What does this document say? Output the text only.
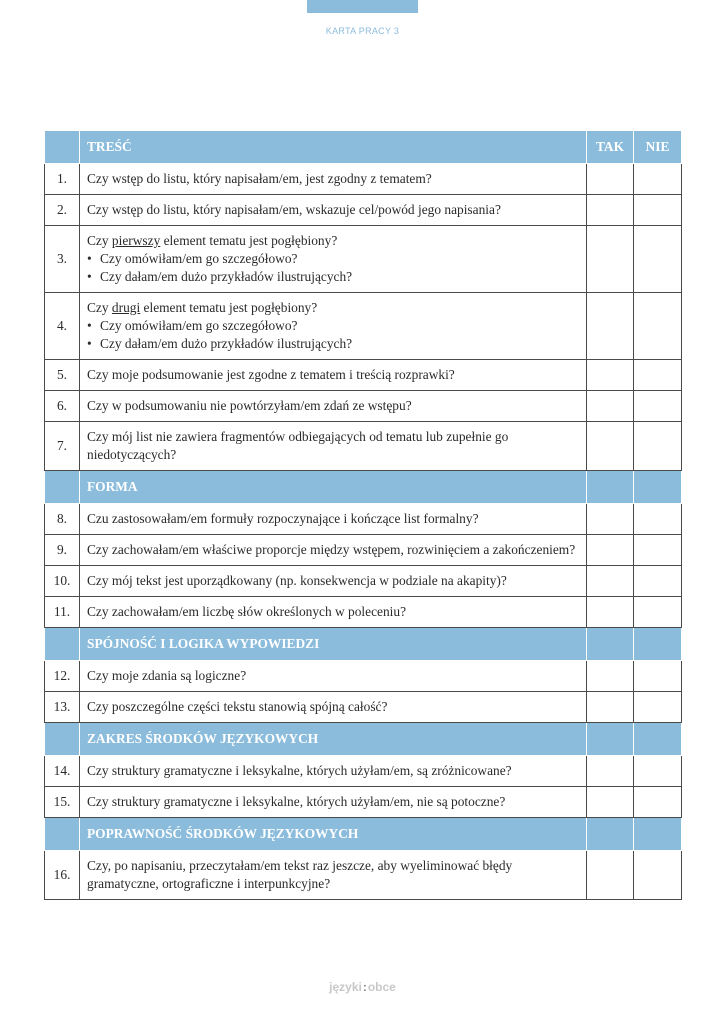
KARTA PRACY 3
	TREŚĆ	TAK	NIE
1.	Czy wstęp do listu, który napisałam/em, jest zgodny z tematem?		
2.	Czy wstęp do listu, który napisałam/em, wskazuje cel/powód jego napisania?		
3.	Czy pierwszy element tematu jest pogłębiony?
• Czy omówiłam/em go szczegółowo?
• Czy dałam/em dużo przykładów ilustrujących?

4.	Czy drugi element tematu jest pogłębiony?
• Czy omówiłam/em go szczegółowo?
• Czy dałam/em dużo przykładów ilustrujących?

5.	Czy moje podsumowanie jest zgodne z tematem i treścią rozprawki?		
6.	Czy w podsumowaniu nie powtórzyłam/em zdań ze wstępu?		
7.	Czy mój list nie zawiera fragmentów odbiegających od tematu lub zupełnie go niedotyczących?		
	FORMA		
8.	Czu zastosowałam/em formuły rozpoczynające i kończące list formalny?		
9.	Czy zachowałam/em właściwe proporcje między wstępem, rozwinięciem a zakończeniem?		
10.	Czy mój tekst jest uporządkowany (np. konsekwencja w podziale na akapity)?		
11.	Czy zachowałam/em liczbę słów określonych w poleceniu?		
	SPÓJNOŚĆ I LOGIKA WYPOWIEDZI		
12.	Czy moje zdania są logiczne?		
13.	Czy poszczególne części tekstu stanowią spójną całość?		
	ZAKRES ŚRODKÓW JĘZYKOWYCH		
14.	Czy struktury gramatyczne i leksykalne, których użyłam/em, są zróżnicowane?		
15.	Czy struktury gramatyczne i leksykalne, których użyłam/em, nie są potoczne?		
	POPRAWNOŚĆ ŚRODKÓW JĘZYKOWYCH		
16.	Czy, po napisaniu, przeczytałam/em tekst raz jeszcze, aby wyeliminować błędy gramatyczne, ortograficzne i interpunkcyjne?		
języki:obce
